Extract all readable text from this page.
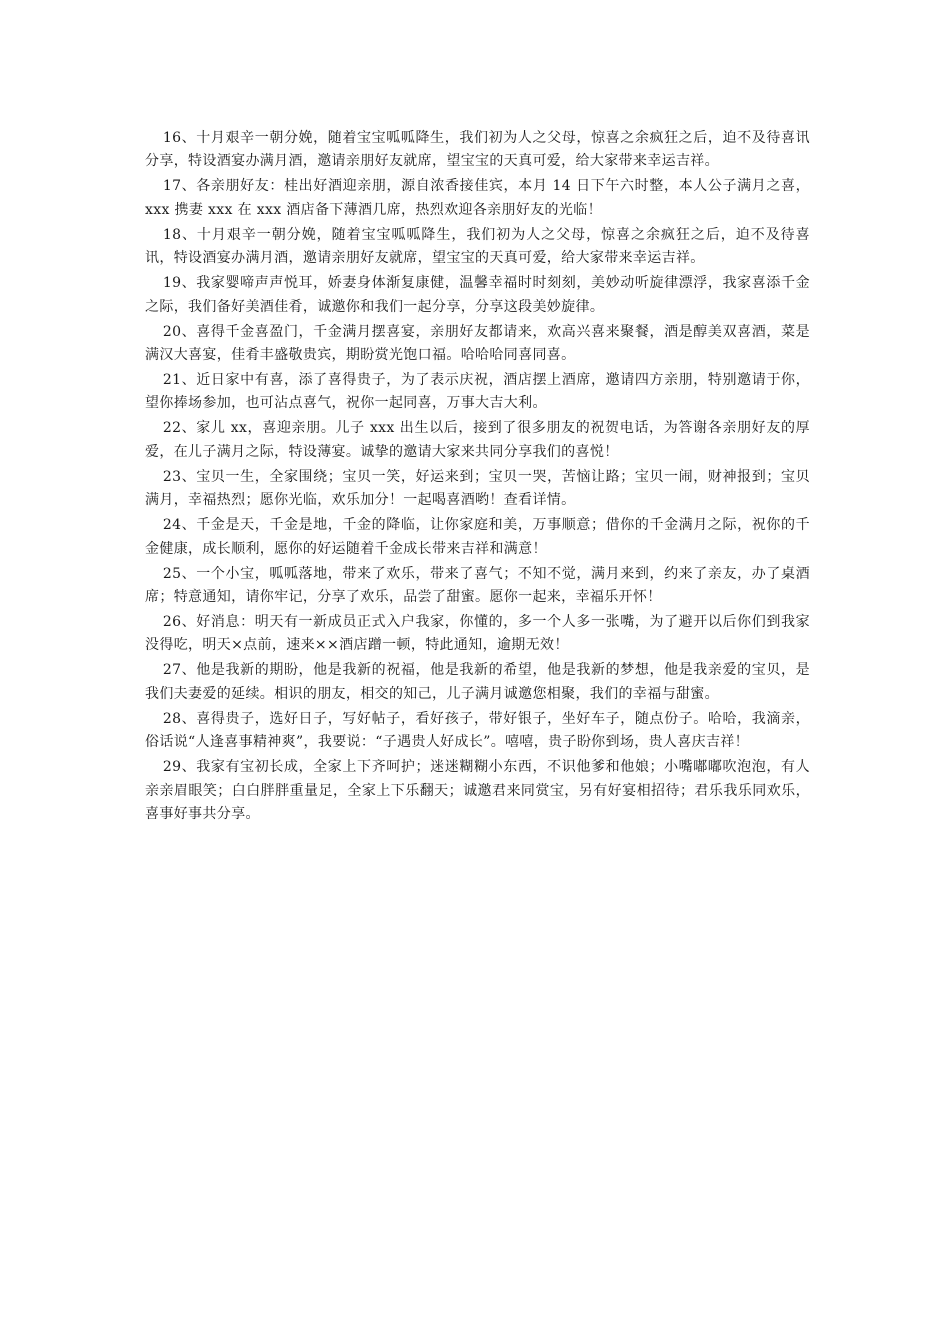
16、十月艰辛一朝分娩，随着宝宝呱呱降生，我们初为人之父母，惊喜之余疯狂之后，迫不及待喜讯分享，特设酒宴办满月酒，邀请亲朋好友就席，望宝宝的天真可爱，给大家带来幸运吉祥。

17、各亲朋好友：桂出好酒迎亲朋，源自浓香接佳宾，本月 14 日下午六时整，本人公子满月之喜，xxx 携妻 xxx 在 xxx 酒店备下薄酒几席，热烈欢迎各亲朋好友的光临！

18、十月艰辛一朝分娩，随着宝宝呱呱降生，我们初为人之父母，惊喜之余疯狂之后，迫不及待喜讯，特设酒宴办满月酒，邀请亲朋好友就席，望宝宝的天真可爱，给大家带来幸运吉祥。

19、我家婴啼声声悦耳，娇妻身体渐复康健，温馨幸福时时刻刻，美妙动听旋律漂浮，我家喜添千金之际，我们备好美酒佳肴，诚邀你和我们一起分享，分享这段美妙旋律。

20、喜得千金喜盈门，千金满月摆喜宴，亲朋好友都请来，欢高兴喜来聚餐，酒是醇美双喜酒，菜是满汉大喜宴，佳肴丰盛敬贵宾，期盼赏光饱口福。哈哈哈同喜同喜。

21、近日家中有喜，添了喜得贵子，为了表示庆祝，酒店摆上酒席，邀请四方亲朋，特别邀请于你，望你捧场参加，也可沾点喜气，祝你一起同喜，万事大吉大利。

22、家儿 xx，喜迎亲朋。儿子 xxx 出生以后，接到了很多朋友的祝贺电话，为答谢各亲朋好友的厚爱，在儿子满月之际，特设薄宴。诚挚的邀请大家来共同分享我们的喜悦！

23、宝贝一生，全家围绕；宝贝一笑，好运来到；宝贝一哭，苦恼让路；宝贝一闹，财神报到；宝贝满月，幸福热烈；愿你光临，欢乐加分！一起喝喜酒哟！查看详情。

24、千金是天，千金是地，千金的降临，让你家庭和美，万事顺意；借你的千金满月之际，祝你的千金健康，成长顺利，愿你的好运随着千金成长带来吉祥和满意！

25、一个小宝，呱呱落地，带来了欢乐，带来了喜气；不知不觉，满月来到，约来了亲友，办了桌酒席；特意通知，请你牢记，分享了欢乐，品尝了甜蜜。愿你一起来，幸福乐开怀！

26、好消息：明天有一新成员正式入户我家，你懂的，多一个人多一张嘴，为了避开以后你们到我家没得吃，明天×点前，速来××酒店蹭一顿，特此通知，逾期无效！

27、他是我新的期盼，他是我新的祝福，他是我新的希望，他是我新的梦想，他是我亲爱的宝贝，是我们夫妻爱的延续。相识的朋友，相交的知己，儿子满月诚邀您相聚，我们的幸福与甜蜜。

28、喜得贵子，选好日子，写好帖子，看好孩子，带好银子，坐好车子，随点份子。哈哈，我滴亲，俗话说“人逢喜事精神爽”，我要说：“子遇贵人好成长”。嘻嘻，贵子盼你到场，贵人喜庆吉祥！

29、我家有宝初长成，全家上下齐呵护；迷迷糊糊小东西，不识他爹和他娘；小嘴嘟嘟吹泡泡，有人亲亲眉眼笑；白白胖胖重量足，全家上下乐翻天；诚邀君来同赏宝，另有好宴相招待；君乐我乐同欢乐，喜事好事共分享。
